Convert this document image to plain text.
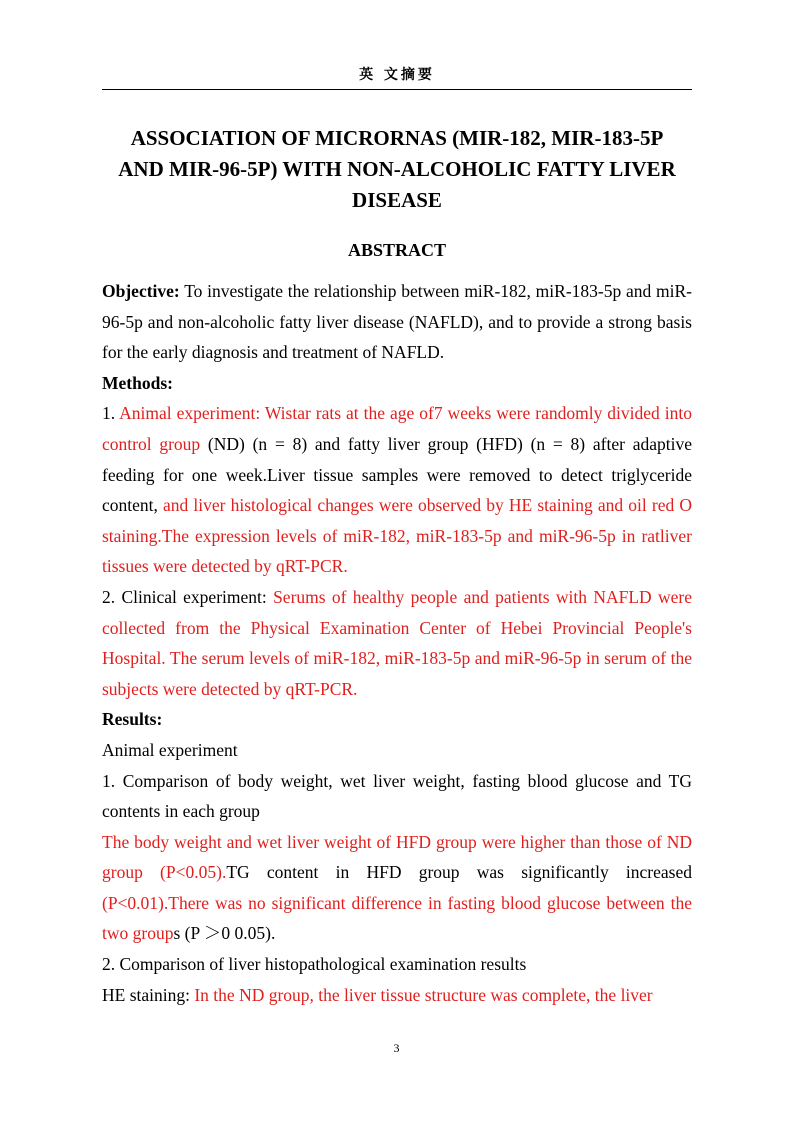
英 文摘要
ASSOCIATION OF MICRORNAS (MIR-182, MIR-183-5P
AND MIR-96-5P) WITH NON-ALCOHOLIC FATTY LIVER
DISEASE
ABSTRACT

Objective: To investigate the relationship between miR-182, miR-183-5p and miR-96-5p and non-alcoholic fatty liver disease (NAFLD), and to provide a strong basis for the early diagnosis and treatment of NAFLD.

Methods:

1. Animal experiment: Wistar rats at the age of7 weeks were randomly divided into control group (ND) (n = 8) and fatty liver group (HFD) (n = 8) after adaptive feeding for one week.Liver tissue samples were removed to detect triglyceride content, and liver histological changes were observed by HE staining and oil red O staining.The expression levels of miR-182, miR-183-5p and miR-96-5p in ratliver tissues were detected by qRT-PCR.

2. Clinical experiment: Serums of healthy people and patients with NAFLD were collected from the Physical Examination Center of Hebei Provincial People's Hospital. The serum levels of miR-182, miR-183-5p and miR-96-5p in serum of the subjects were detected by qRT-PCR.

Results:

Animal experiment

1. Comparison of body weight, wet liver weight, fasting blood glucose and TG contents in each group

The body weight and wet liver weight of HFD group were higher than those of ND group (P<0.05).TG content in HFD group was significantly increased (P<0.01).There was no significant difference in fasting blood glucose between the two groups (P ＞0 0.05).

2. Comparison of liver histopathological examination results

HE staining: In the ND group, the liver tissue structure was complete, the liver

3
